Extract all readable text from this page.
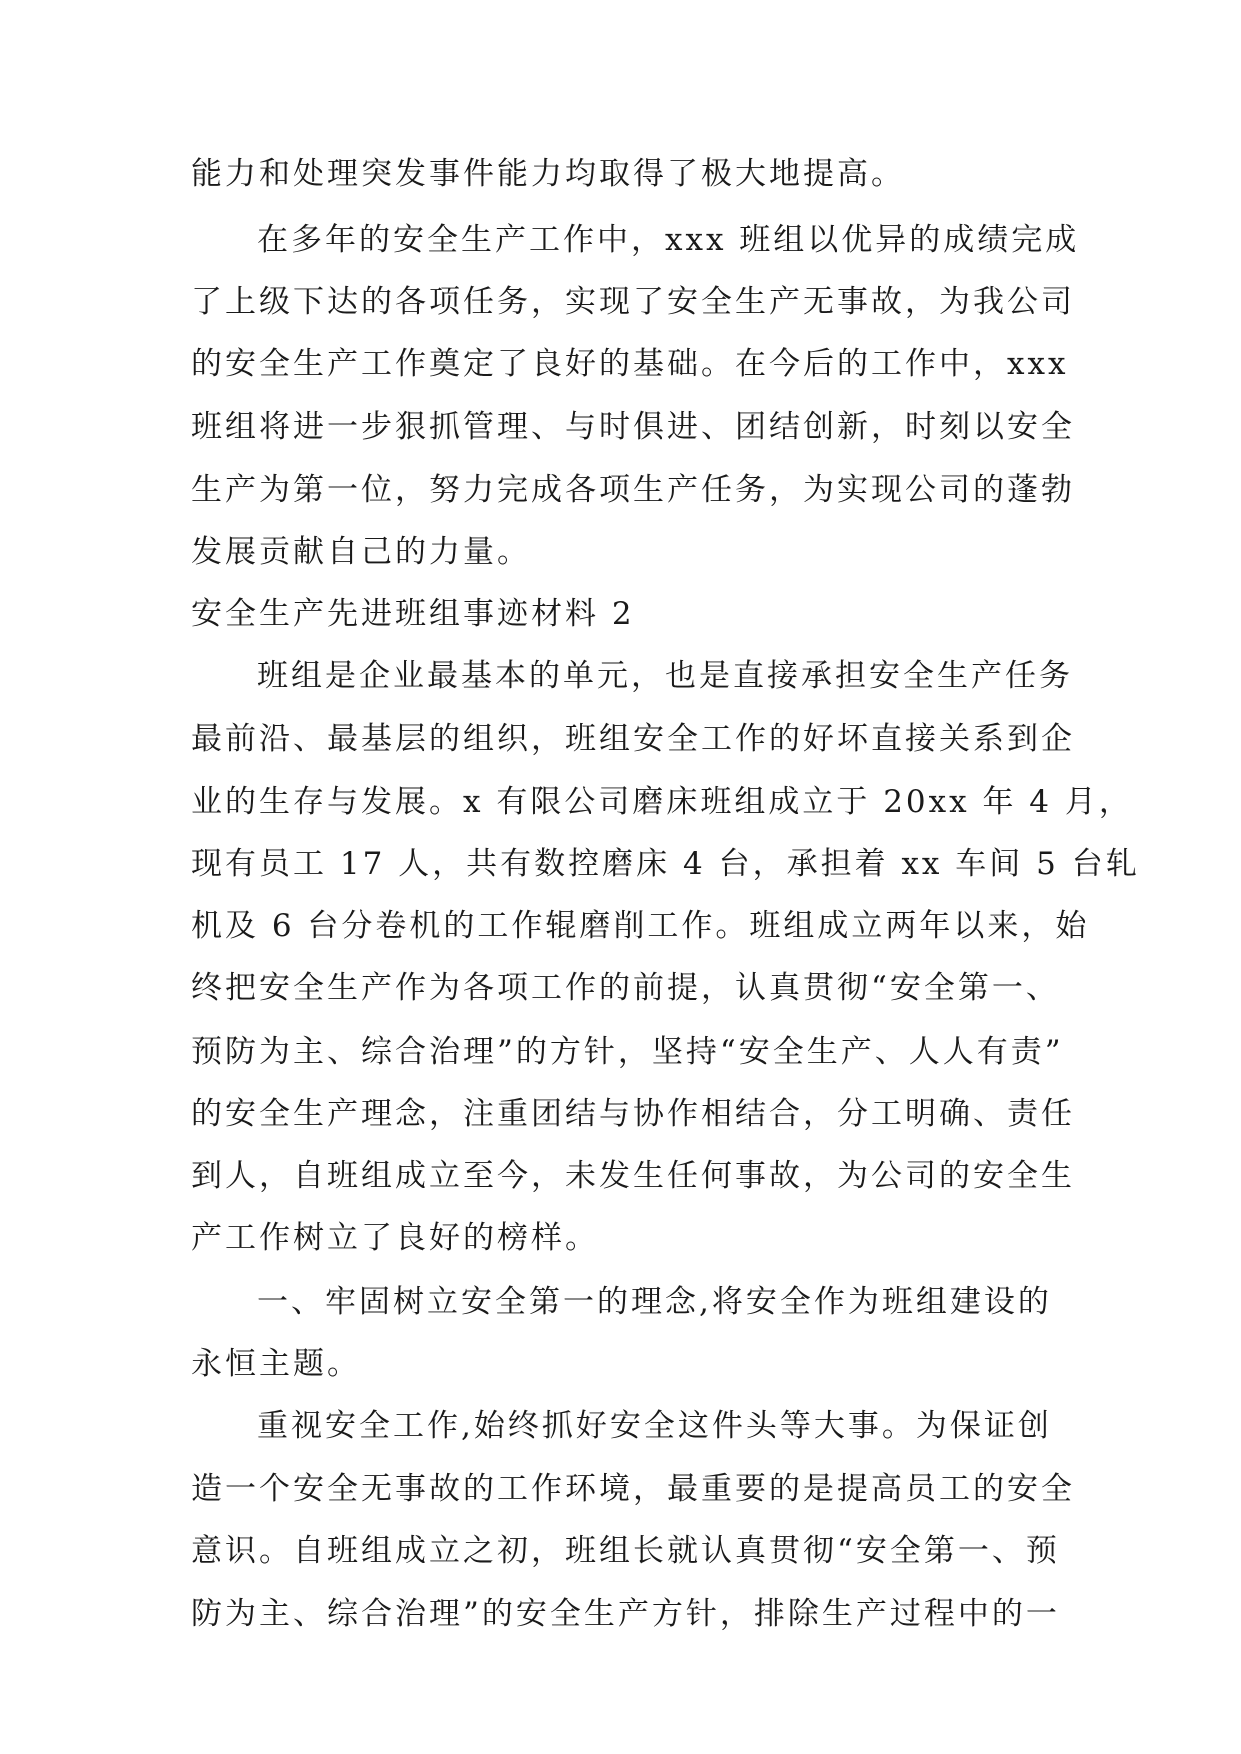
能力和处理突发事件能力均取得了极大地提高。
在多年的安全生产工作中，xxx 班组以优异的成绩完成
了上级下达的各项任务，实现了安全生产无事故，为我公司
的安全生产工作奠定了良好的基础。在今后的工作中，xxx
班组将进一步狠抓管理、与时俱进、团结创新，时刻以安全
生产为第一位，努力完成各项生产任务，为实现公司的蓬勃
发展贡献自己的力量。
安全生产先进班组事迹材料 2
班组是企业最基本的单元，也是直接承担安全生产任务
最前沿、最基层的组织，班组安全工作的好坏直接关系到企
业的生存与发展。x 有限公司磨床班组成立于 20xx 年 4 月，
现有员工 17 人，共有数控磨床 4 台，承担着 xx 车间 5 台轧
机及 6 台分卷机的工作辊磨削工作。班组成立两年以来，始
终把安全生产作为各项工作的前提，认真贯彻“安全第一、
预防为主、综合治理”的方针，坚持“安全生产、人人有责”
的安全生产理念，注重团结与协作相结合，分工明确、责任
到人，自班组成立至今，未发生任何事故，为公司的安全生
产工作树立了良好的榜样。
一、牢固树立安全第一的理念,将安全作为班组建设的
永恒主题。
重视安全工作,始终抓好安全这件头等大事。为保证创
造一个安全无事故的工作环境，最重要的是提高员工的安全
意识。自班组成立之初，班组长就认真贯彻“安全第一、预
防为主、综合治理”的安全生产方针，排除生产过程中的一
